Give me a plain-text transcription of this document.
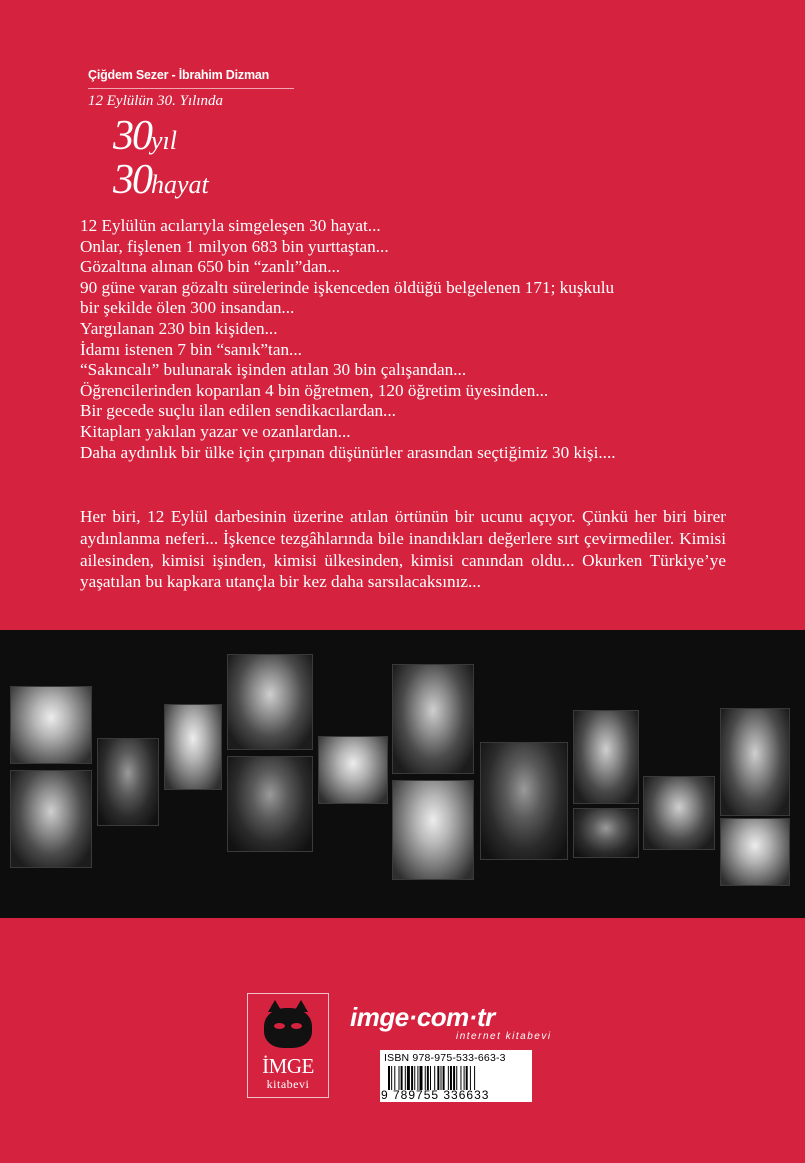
Çiğdem Sezer - İbrahim Dizman
12 Eylülün 30. Yılında
30yıl
30hayat
12 Eylülün acılarıyla simgeleşen 30 hayat...
Onlar, fişlenen 1 milyon 683 bin yurttaştan...
Gözaltına alınan 650 bin “zanlı”dan...
90 güne varan gözaltı sürelerinde işkenceden öldüğü belgelenen 171; kuşkulu
bir şekilde ölen 300 insandan...
Yargılanan 230 bin kişiden...
İdamı istenen 7 bin “sanık”tan...
“Sakıncalı” bulunarak işinden atılan 30 bin çalışandan...
Öğrencilerinden koparılan 4 bin öğretmen, 120 öğretim üyesinden...
Bir gecede suçlu ilan edilen sendikacılardan...
Kitapları yakılan yazar ve ozanlardan...
Daha aydınlık bir ülke için çırpınan düşünürler arasından seçtiğimiz 30 kişi....
Her biri, 12 Eylül darbesinin üzerine atılan örtünün bir ucunu açıyor. Çünkü her biri birer aydınlanma neferi... İşkence tezgâhlarında bile inandıkları değerlere sırt çevirmediler. Kimisi ailesinden, kimisi işinden, kimisi ülkesinden, kimisi canından oldu... Okurken Türkiye’ye yaşatılan bu kapkara utançla bir kez daha sarsılacaksınız...
İMGE
kitabevi
imge·com·tr
internet kitabevi
ISBN 978-975-533-663-3
9 789755 336633
